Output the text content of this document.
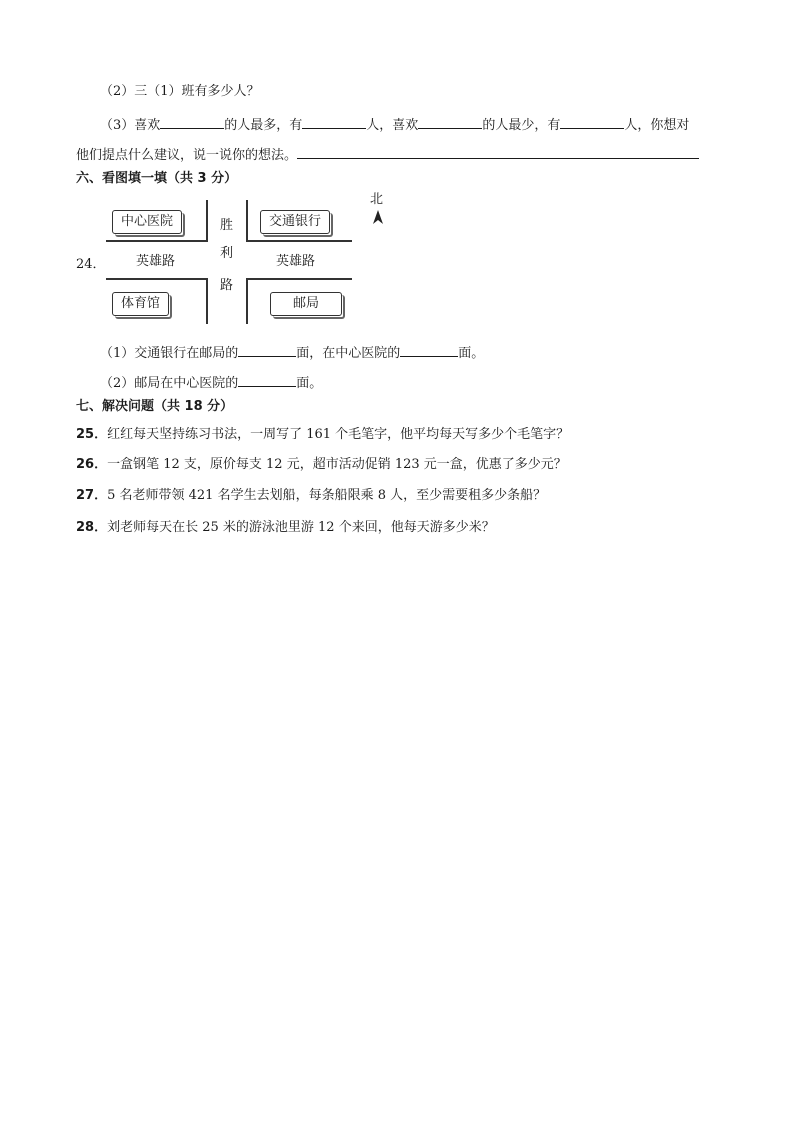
（2）三（1）班有多少人？
（3）喜欢	的人最多，有	人，喜欢	的人最少，有	人，你想对
他们提点什么建议，说一说你的想法。
六、看图填一填（共 3 分）
24．
中心医院	交通银行
体育馆	邮局
英雄路	英雄路
胜
利
路
北
（1）交通银行在邮局的	面，在中心医院的	面。
（2）邮局在中心医院的	面。
七、解决问题（共 18 分）
25．红红每天坚持练习书法，一周写了 161 个毛笔字，他平均每天写多少个毛笔字？
26．一盒钢笔 12 支，原价每支 12 元，超市活动促销 123 元一盒，优惠了多少元？
27．5 名老师带领 421 名学生去划船，每条船限乘 8 人，至少需要租多少条船？
28．刘老师每天在长 25 米的游泳池里游 12 个来回，他每天游多少米？
